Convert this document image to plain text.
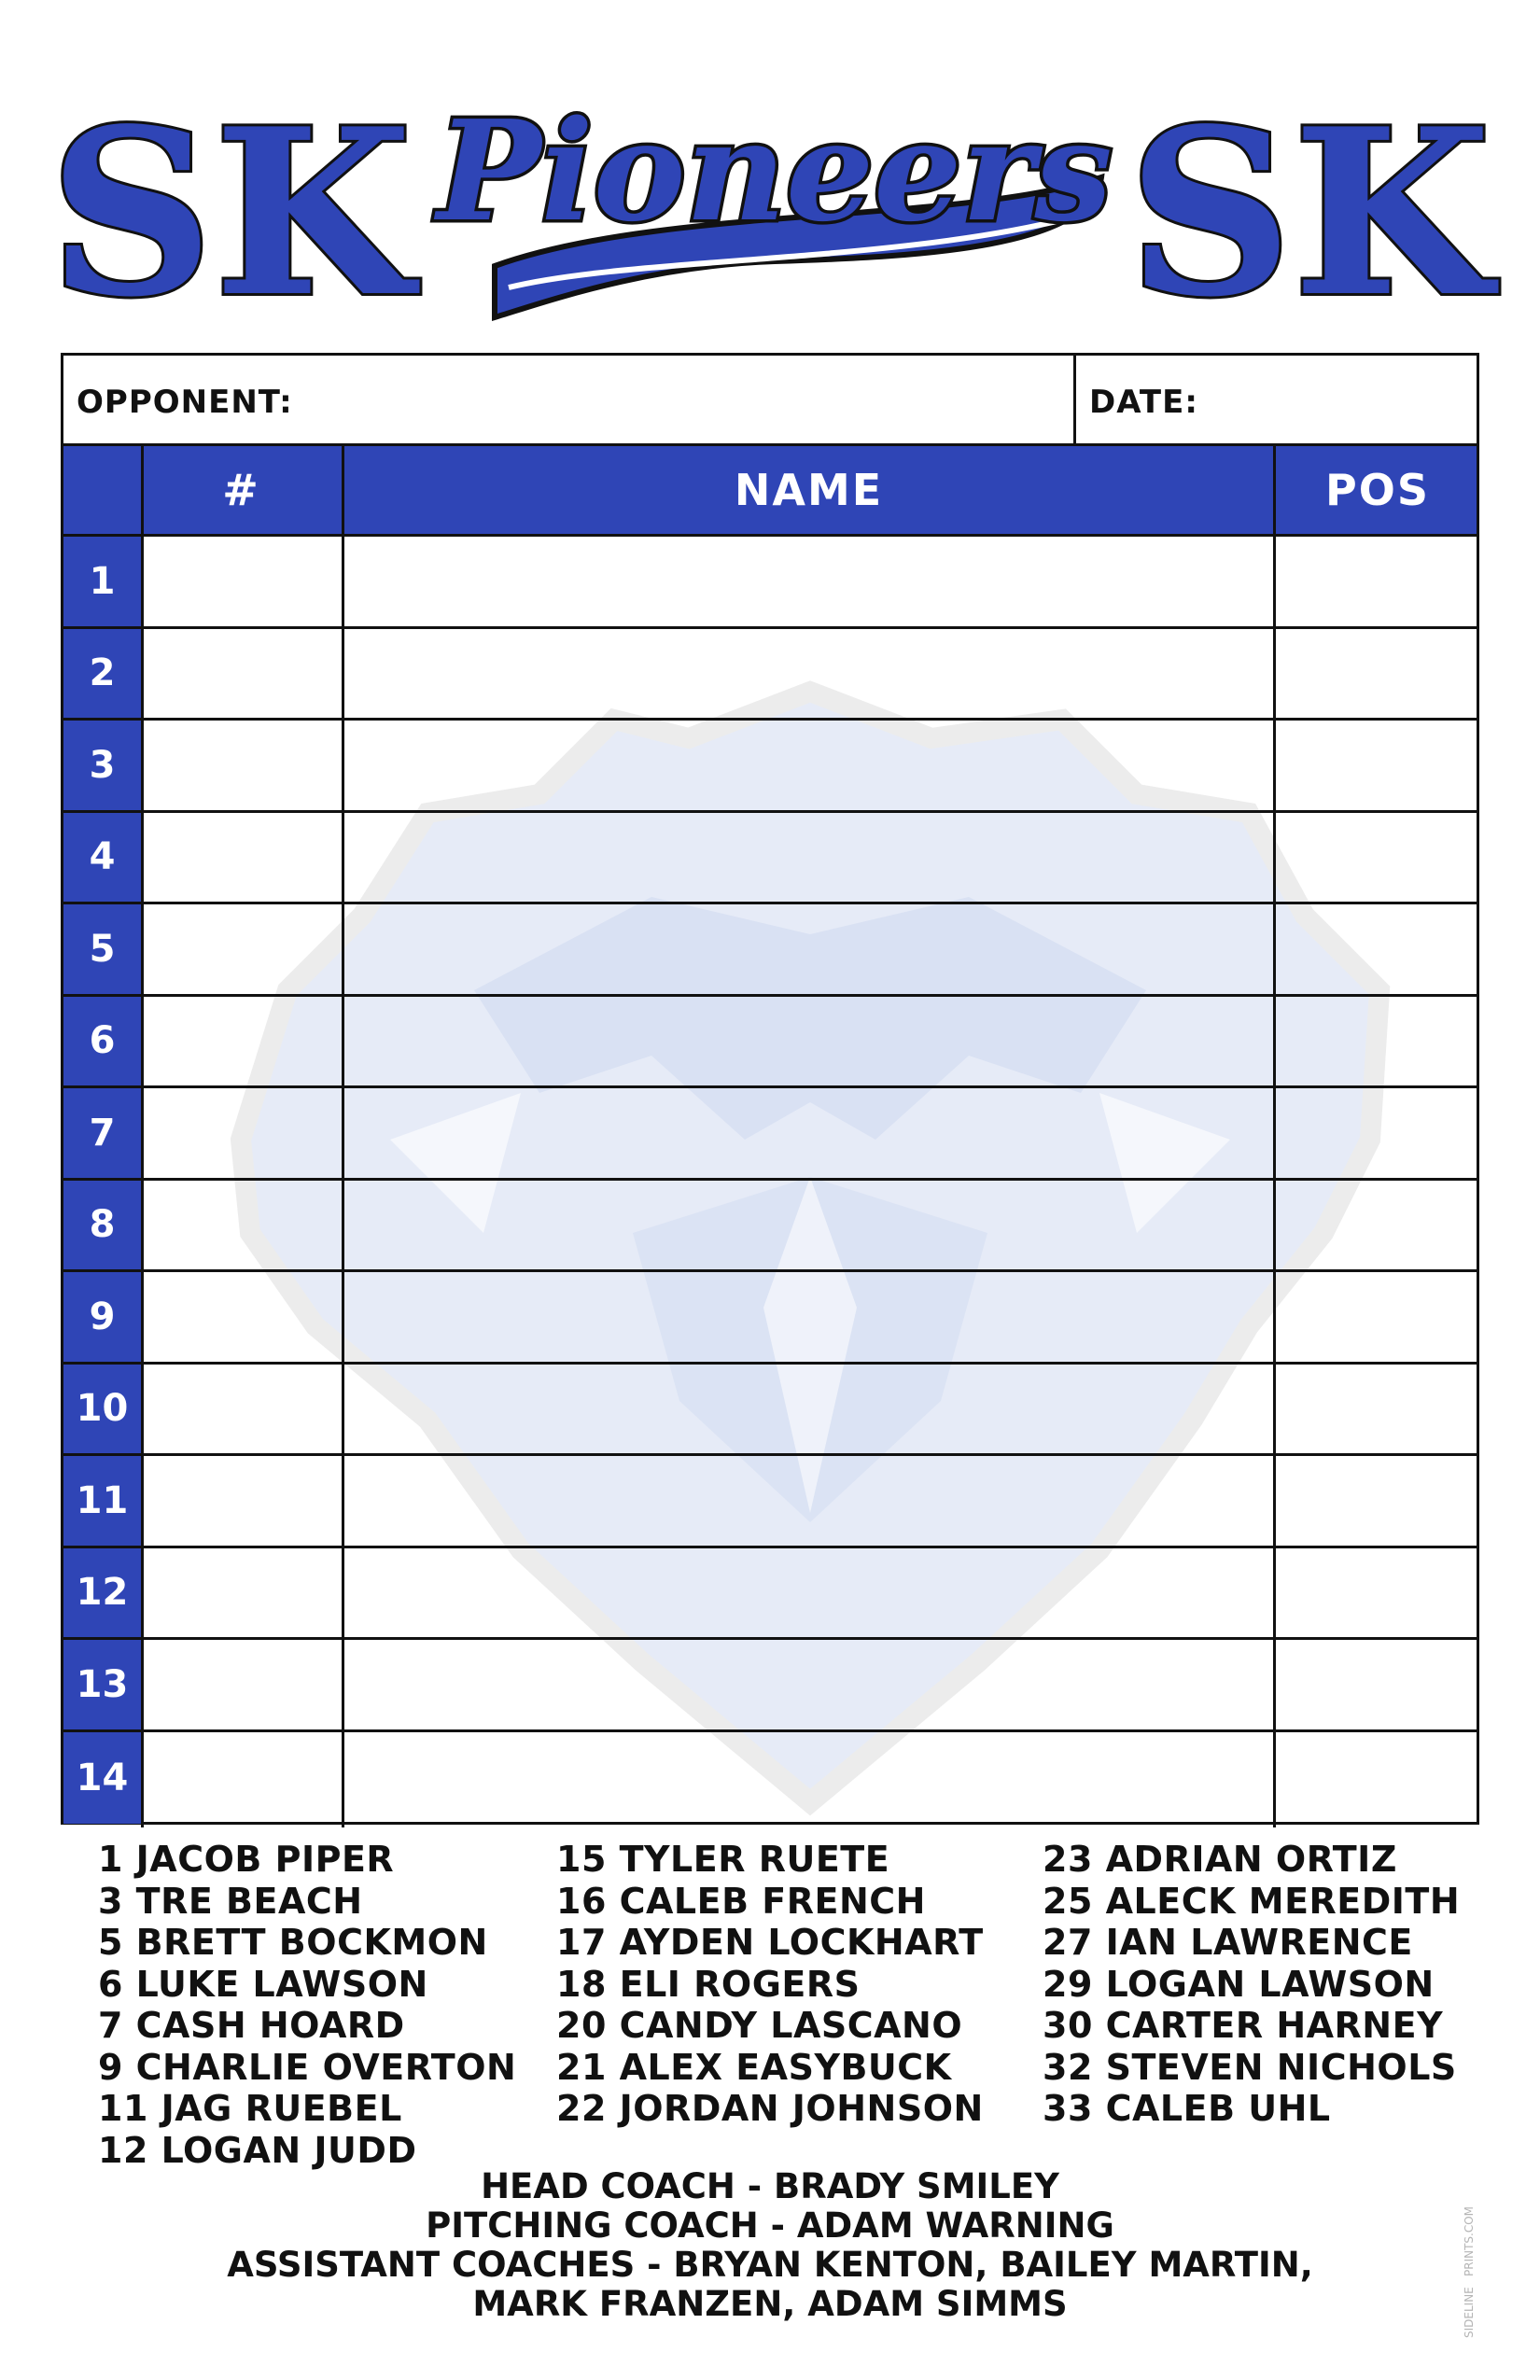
SK Pioneers SK
OPPONENT:	DATE:
#	NAME	POS
1
2
3
4
5
6
7
8
9
10
11
12
13
14
1 JACOB PIPER
3 TRE BEACH
5 BRETT BOCKMON
6 LUKE LAWSON
7 CASH HOARD
9 CHARLIE OVERTON
11 JAG RUEBEL
12 LOGAN JUDD
15 TYLER RUETE
16 CALEB FRENCH
17 AYDEN LOCKHART
18 ELI ROGERS
20 CANDY LASCANO
21 ALEX EASYBUCK
22 JORDAN JOHNSON
23 ADRIAN ORTIZ
25 ALECK MEREDITH
27 IAN LAWRENCE
29 LOGAN LAWSON
30 CARTER HARNEY
32 STEVEN NICHOLS
33 CALEB UHL
HEAD COACH - BRADY SMILEY
PITCHING COACH - ADAM WARNING
ASSISTANT COACHES - BRYAN KENTON, BAILEY MARTIN,
MARK FRANZEN, ADAM SIMMS	SIDELINE
PRINTS.COM
